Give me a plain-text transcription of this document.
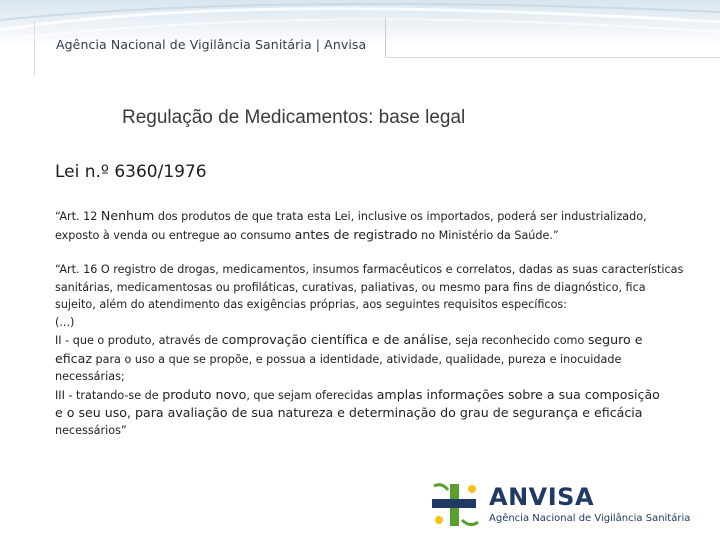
Agência Nacional de Vigilância Sanitária | Anvisa
Regulação de Medicamentos: base legal
Lei n.º 6360/1976
“Art. 12 Nenhum dos produtos de que trata esta Lei, inclusive os importados, poderá ser industrializado,
exposto à venda ou entregue ao consumo antes de registrado no Ministério da Saúde.”
“Art. 16 O registro de drogas, medicamentos, insumos farmacêuticos e correlatos, dadas as suas características
sanitárias, medicamentosas ou profiláticas, curativas, paliativas, ou mesmo para fins de diagnóstico, fica
sujeito, além do atendimento das exigências próprias, aos seguintes requisitos específicos:
(...)
II - que o produto, através de comprovação científica e de análise, seja reconhecido como seguro e
eficaz para o uso a que se propõe, e possua a identidade, atividade, qualidade, pureza e inocuidade
necessárias;
III - tratando-se de produto novo, que sejam oferecidas amplas informações sobre a sua composição
e o seu uso, para avaliação de sua natureza e determinação do grau de segurança e eficácia
necessários”
ANVISA
Agência Nacional de Vigilância Sanitária
